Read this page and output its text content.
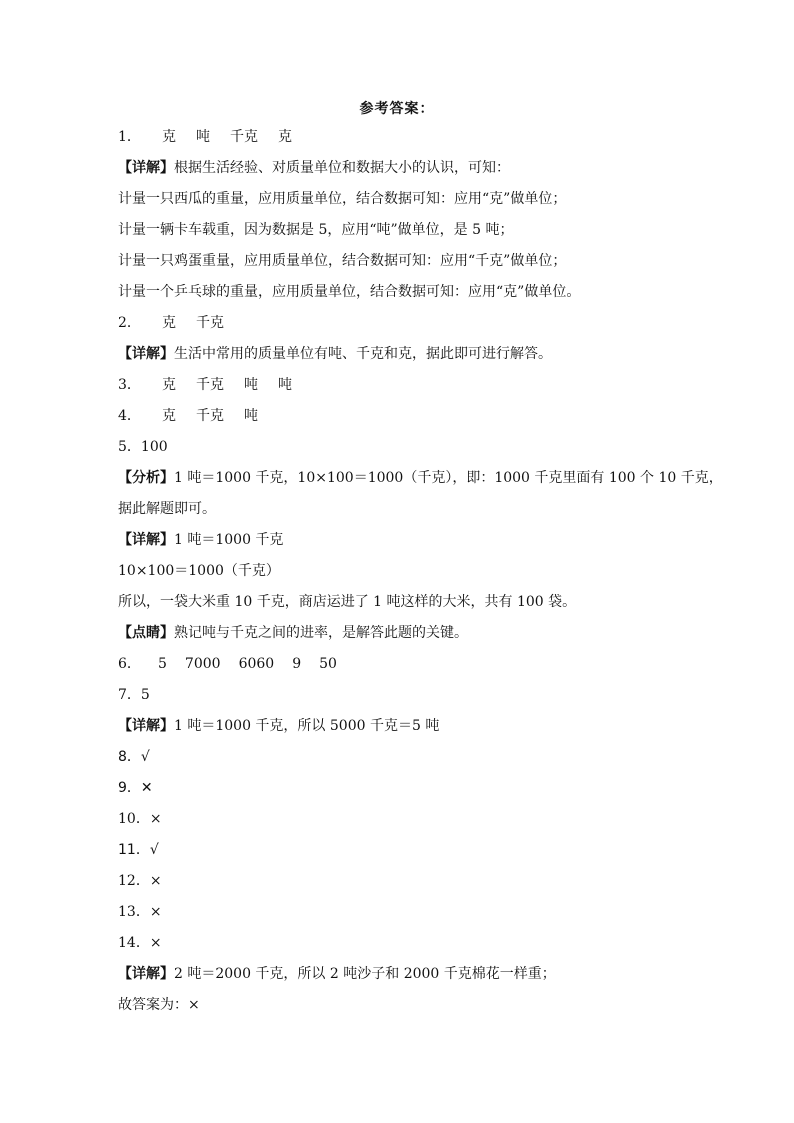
参考答案：
1． 克 吨 千克 克
【详解】根据生活经验、对质量单位和数据大小的认识，可知：
计量一只西瓜的重量，应用质量单位，结合数据可知：应用“克”做单位；
计量一辆卡车载重，因为数据是 5，应用“吨”做单位，是 5 吨；
计量一只鸡蛋重量，应用质量单位，结合数据可知：应用“千克”做单位；
计量一个乒乓球的重量，应用质量单位，结合数据可知：应用“克”做单位。
2． 克 千克
【详解】生活中常用的质量单位有吨、千克和克，据此即可进行解答。
3． 克 千克 吨 吨
4． 克 千克 吨
5．100
【分析】1 吨＝1000 千克，10×100＝1000（千克），即：1000 千克里面有 100 个 10 千克，
据此解题即可。
【详解】1 吨＝1000 千克
10×100＝1000（千克）
所以，一袋大米重 10 千克，商店运进了 1 吨这样的大米，共有 100 袋。
【点睛】熟记吨与千克之间的进率，是解答此题的关键。
6． 5 7000 6060 9 50
7．5
【详解】1 吨＝1000 千克，所以 5000 千克＝5 吨
8．√
9．✕
10．×
11．√
12．×
13．×
14．×
【详解】2 吨＝2000 千克，所以 2 吨沙子和 2000 千克棉花一样重；
故答案为：×
